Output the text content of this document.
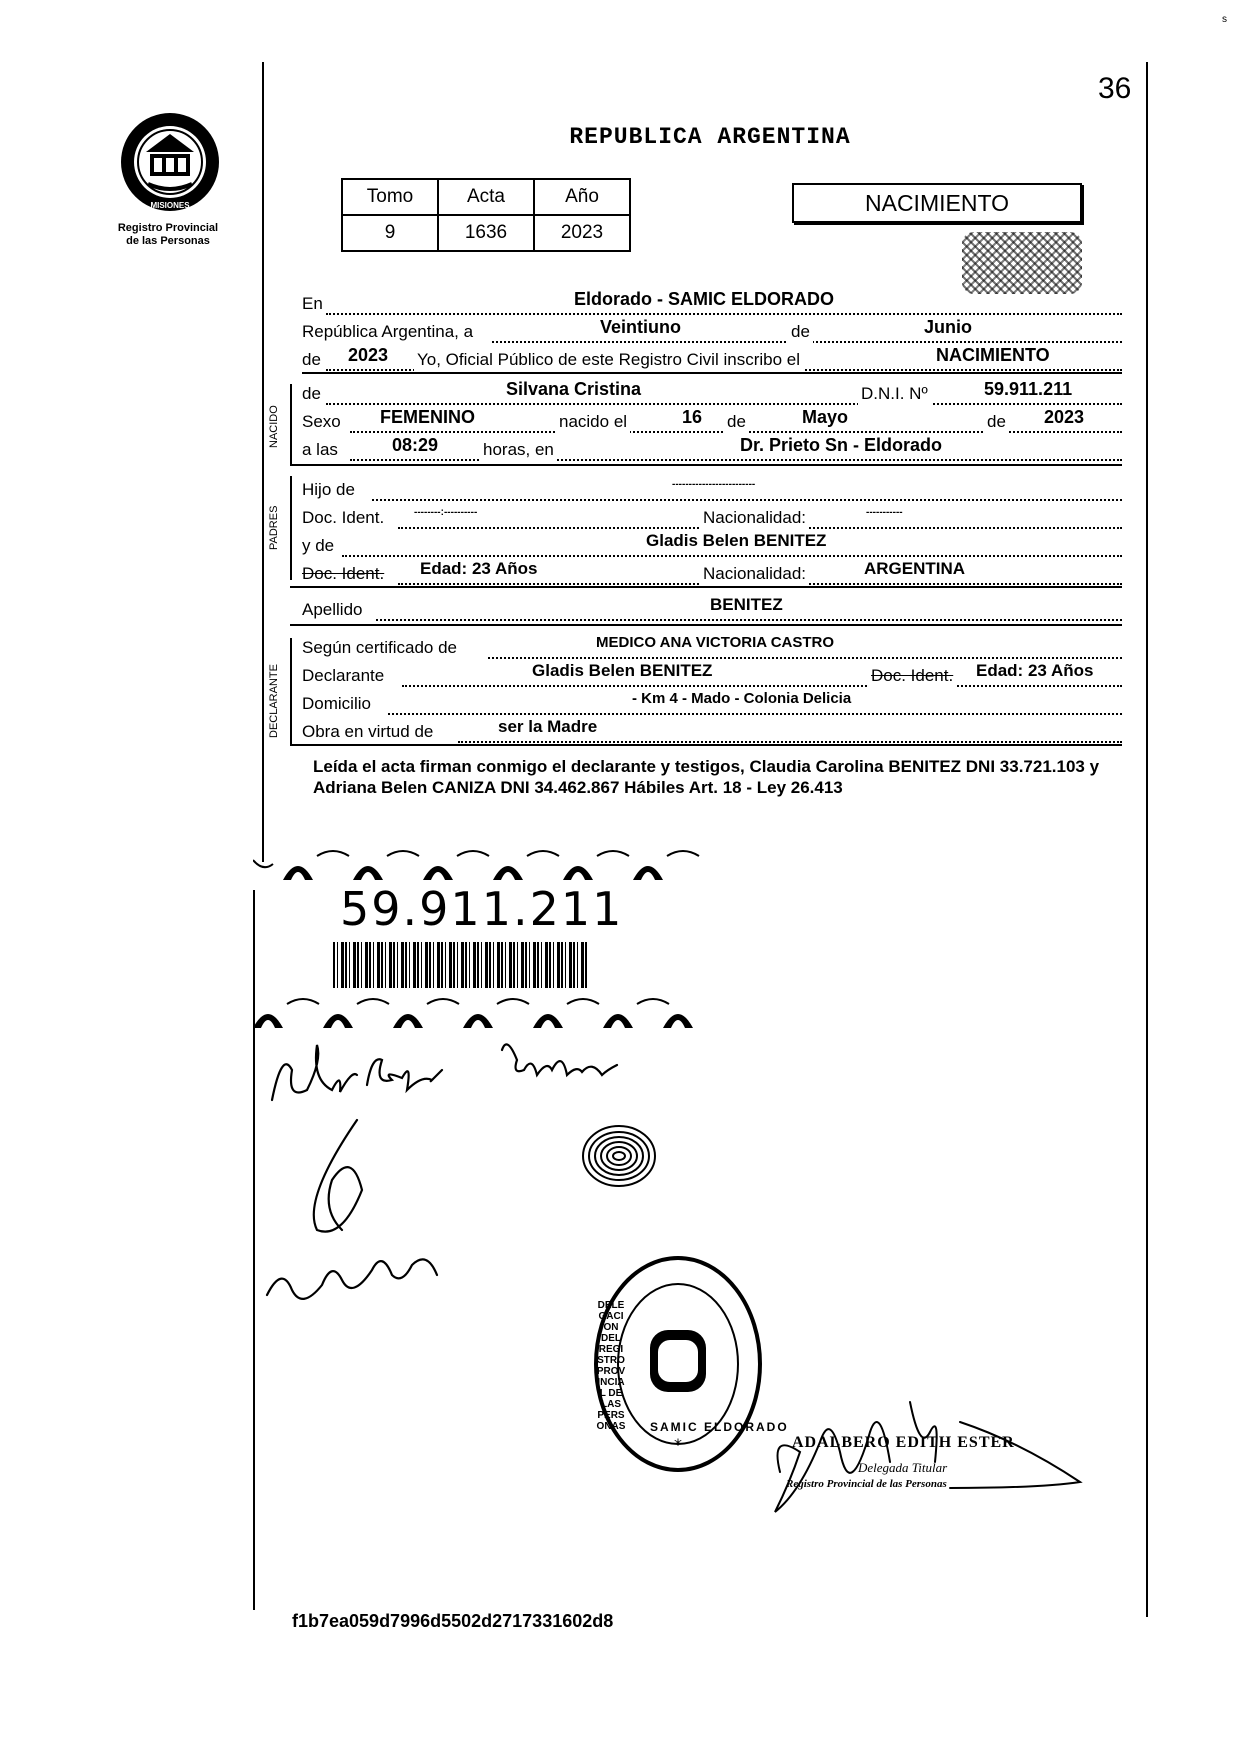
s
36
MISIONES
Registro Provincial
de las Personas
REPUBLICA ARGENTINA
Tomo	Acta	Año
9	1636	2023
NACIMIENTO
En	Eldorado - SAMIC ELDORADO
República Argentina, a	Veintiuno	de	Junio
de 2023 Yo, Oficial Público de este Registro Civil inscribo el	NACIMIENTO
NACIDO
de	Silvana Cristina	D.N.I. Nº	59.911.211
Sexo FEMENINO	nacido el	16 de	Mayo	de 2023
a las	08:29	horas, en	Dr. Prieto Sn - Eldorado
PADRES
Hijo de	-------------------------
Doc. Ident.	--------:----------	Nacionalidad:	-----------
y de	Gladis Belen BENITEZ
Doc. Ident. Edad: 23 Años	Nacionalidad:	ARGENTINA
Apellido	BENITEZ
DECLARANTE
Según certificado de	MEDICO ANA VICTORIA CASTRO
Declarante	Gladis Belen BENITEZ	Doc. Ident. Edad: 23 Años
Domicilio	- Km 4 - Mado - Colonia Delicia
Obra en virtud de	ser la Madre
Leída el acta firman conmigo el declarante y testigos, Claudia Carolina BENITEZ DNI 33.721.103 y Adriana Belen CANIZA DNI 34.462.867 Hábiles Art. 18 - Ley 26.413
59.911.211
*
DELEGACION DEL REGISTRO PROVINCIAL DE LAS PERSONAS SAMIC ELDORADO
ADALBERO EDITH ESTER
Delegada Titular
Registro Provincial de las Personas
f1b7ea059d7996d5502d2717331602d8
